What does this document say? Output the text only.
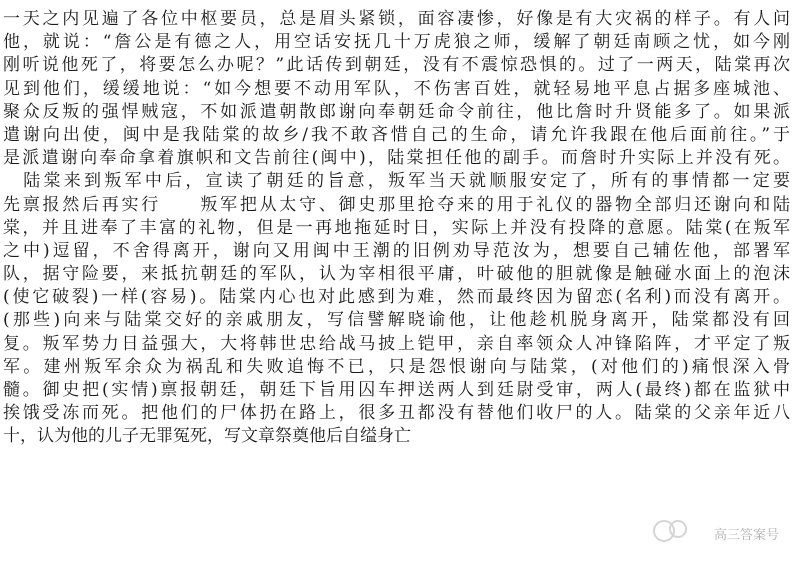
一天之内见遍了各位中枢要员，总是眉头紧锁，面容凄惨，好像是有大灾祸的样子。有人问
他，就说：“詹公是有德之人，用空话安抚几十万虎狼之师，缓解了朝廷南顾之忧，如今刚
刚听说他死了，将要怎么办呢？”此话传到朝廷，没有不震惊恐惧的。过了一两天，陆棠再次
见到他们，缓缓地说：“如今想要不动用军队，不伤害百姓，就轻易地平息占据多座城池、
聚众反叛的强悍贼寇，不如派遣朝散郎谢向奉朝廷命令前往，他比詹时升贤能多了。如果派
遣谢向出使，闽中是我陆棠的故乡/我不敢吝惜自己的生命，请允许我跟在他后面前往。”于
是派遣谢向奉命拿着旗帜和文告前往(闽中)，陆棠担任他的副手。而詹时升实际上并没有死。
　陆棠来到叛军中后，宣读了朝廷的旨意，叛军当天就顺服安定了，所有的事情都一定要
先禀报然后再实行　　叛军把从太守、御史那里抢夺来的用于礼仪的器物全部归还谢向和陆
棠，并且进奉了丰富的礼物，但是一再地拖延时日，实际上并没有投降的意愿。陆棠(在叛军
之中)逗留，不舍得离开，谢向又用闽中王潮的旧例劝导范汝为，想要自己辅佐他，部署军
队，据守险要，来抵抗朝廷的军队，认为宰相很平庸，叶破他的胆就像是触碰水面上的泡沫
(使它破裂)一样(容易)。陆棠内心也对此感到为难，然而最终因为留恋(名利)而没有离开。
(那些)向来与陆棠交好的亲戚朋友，写信譬解晓谕他，让他趁机脱身离开，陆棠都没有回
复。叛军势力日益强大，大将韩世忠给战马披上铠甲，亲自率领众人冲锋陷阵，才平定了叛
军。建州叛军余众为祸乱和失败追悔不已，只是怨恨谢向与陆棠，(对他们的)痛恨深入骨
髓。御史把(实情)禀报朝廷，朝廷下旨用囚车押送两人到廷尉受审，两人(最终)都在监狱中
挨饿受冻而死。把他们的尸体扔在路上，很多丑都没有替他们收尸的人。陆棠的父亲年近八
十，认为他的儿子无罪冤死，写文章祭奠他后自缢身亡
高三答案号
